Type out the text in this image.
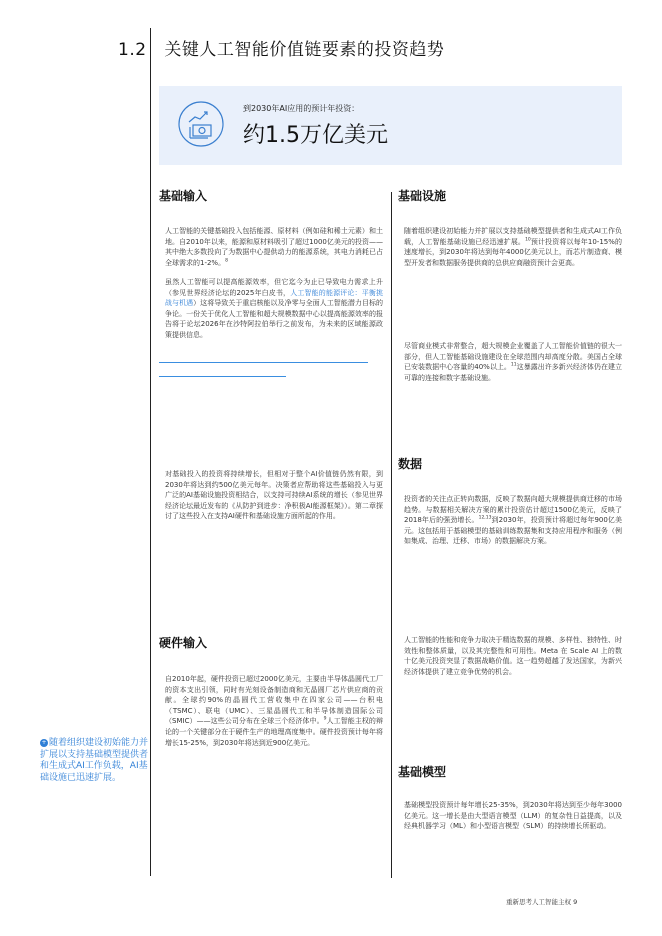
1.2 关键人工智能价值链要素的投资趋势
到2030年AI应用的预计年投资：
约1.5万亿美元
基础输入
人工智能的关键基础投入包括能源、原材料（例如硅和稀土元素）和土地。自2010年以来，能源和原材料吸引了超过1000亿美元的投资——其中绝大多数投向了为数据中心提供动力的能源系统，其电力消耗已占全球需求的1-2%。$^8$
虽然人工智能可以提高能源效率，但它迄今为止已导致电力需求上升（参见世界经济论坛的2025年白皮书，人工智能的能源评论：平衡挑战与机遇）这将导致关于重启核能以及净零与全面人工智能潜力目标的争论。一份关于优化人工智能和超大规模数据中心以提高能源效率的报告将于论坛2026年在沙特阿拉伯举行之前发布，为未来的区域能源政策提供信息。
对基础投入的投资将持续增长，但相对于整个AI价值链仍然有限，到2030年将达到约500亿美元每年。决策者应帮助将这些基础投入与更广泛的AI基础设施投资相结合，以支持可持续AI系统的增长（参见世界经济论坛最近发布的《从防护到进步：净积极AI能源框架》）。第二章探讨了这些投入在支持AI硬件和基础设施方面所起的作用。
硬件输入
自2010年起，硬件投资已超过2000亿美元，主要由半导体晶圆代工厂的资本支出引领，同时有光刻设备制造商和无晶圆厂芯片供应商的贡献。全球约90%的晶圆代工营收集中在四家公司——台积电（TSMC）、联电（UMC）、三星晶圆代工和半导体制造国际公司（SMIC）——这些公司分布在全球三个经济体中。$^9$人工智能主权的辩论的一个关键部分在于硬件生产的地理高度集中。硬件投资预计每年将增长15-25%，到2030年将达到近900亿美元。
基础设施
随着组织建设初始能力并扩展以支持基础模型提供者和生成式AI工作负载，人工智能基础设施已经迅速扩展。$^{10}$预计投资将以每年10-15%的速度增长，到2030年将达到每年4000亿美元以上，而芯片制造商、模型开发者和数据服务提供商的总供应商融资预计会更高。
尽管商业模式非常整合，超大规模企业覆盖了人工智能价值链的很大一部分，但人工智能基础设施建设在全球范围内却高度分散。美国占全球已安装数据中心容量的40%以上。$^{11}$这暴露出许多新兴经济体仍在建立可靠的连接和数字基础设施。
数据
投资者的关注点正转向数据，反映了数据向超大规模提供商迁移的市场趋势。与数据相关解决方案的累计投资估计超过1500亿美元，反映了2018年后的强劲增长。$^{12,13}$到2030年，投资预计将超过每年900亿美元。这包括用于基础模型的基础训练数据集和支持应用程序和服务（例如集成、治理、迁移、市场）的数据解决方案。
人工智能的性能和竞争力取决于精选数据的规模、多样性、独特性、时效性和整体质量，以及其完整性和可用性。Meta 在 Scale AI 上的数十亿美元投资突显了数据战略价值。这一趋势超越了发达国家，为新兴经济体提供了建立竞争优势的机会。
基础模型
基础模型投资预计每年增长25-35%，到2030年将达到至少每年3000亿美元。这一增长是由大型语言模型（LLM）的复杂性日益提高，以及经典机器学习（ML）和小型语言模型（SLM）的持续增长所驱动。
+ 随着组织建设初始能力并扩展以支持基础模型提供者和生成式AI工作负载，AI基础设施已迅速扩展。
重新思考人工智能主权 9
